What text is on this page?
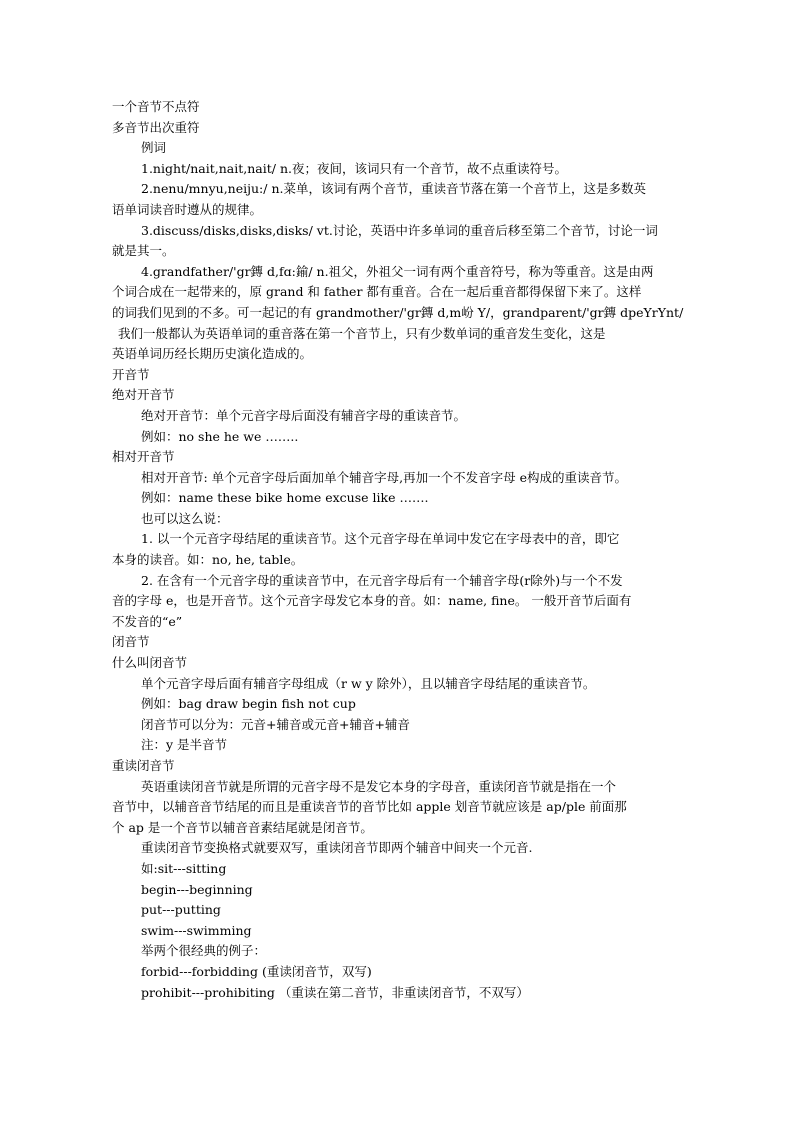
一个音节不点符
多音节出次重符
例词
1.night/nait,nait,nait/ n.夜；夜间，该词只有一个音节，故不点重读符号。
2.nenu/mnyu,neiju:/ n.菜单，该词有两个音节，重读音节落在第一个音节上，这是多数英
语单词读音时遵从的规律。
3.discuss/disks,disks,disks/ vt.讨论，英语中许多单词的重音后移至第二个音节，讨论一词
就是其一。
4.grandfather/'gr鏄 d,fɑ:鍮/ n.祖父，外祖父一词有两个重音符号，称为等重音。这是由两
个词合成在一起带来的，原 grand 和 father 都有重音。合在一起后重音都得保留下来了。这样
的词我们见到的不多。可一起记的有 grandmother/'gr鏄 d,m岎 Y/，grandparent/'gr鏄 dpeYrYnt/
我们一般都认为英语单词的重音落在第一个音节上，只有少数单词的重音发生变化，这是
英语单词历经长期历史演化造成的。
开音节
绝对开音节
绝对开音节：单个元音字母后面没有辅音字母的重读音节。
例如：no she he we ……..
相对开音节
相对开音节: 单个元音字母后面加单个辅音字母,再加一个不发音字母 e构成的重读音节。
例如：name these bike home excuse like …….
也可以这么说：
1. 以一个元音字母结尾的重读音节。这个元音字母在单词中发它在字母表中的音，即它
本身的读音。如：no, he, table。
2. 在含有一个元音字母的重读音节中，在元音字母后有一个辅音字母(r除外)与一个不发
音的字母 e，也是开音节。这个元音字母发它本身的音。如：name, fine。 一般开音节后面有
不发音的“e”
闭音节
什么叫闭音节
单个元音字母后面有辅音字母组成（r w y 除外），且以辅音字母结尾的重读音节。
例如：bag draw begin fish not cup
闭音节可以分为：元音+辅音或元音+辅音+辅音
注：y 是半音节
重读闭音节
英语重读闭音节就是所谓的元音字母不是发它本身的字母音，重读闭音节就是指在一个
音节中，以辅音音节结尾的而且是重读音节的音节比如 apple 划音节就应该是 ap/ple 前面那
个 ap 是一个音节以辅音音素结尾就是闭音节。
重读闭音节变换格式就要双写，重读闭音节即两个辅音中间夹一个元音.
如:sit---sitting
begin---beginning
put---putting
swim---swimming
举两个很经典的例子：
forbid---forbidding (重读闭音节，双写)
prohibit---prohibiting （重读在第二音节，非重读闭音节，不双写）
